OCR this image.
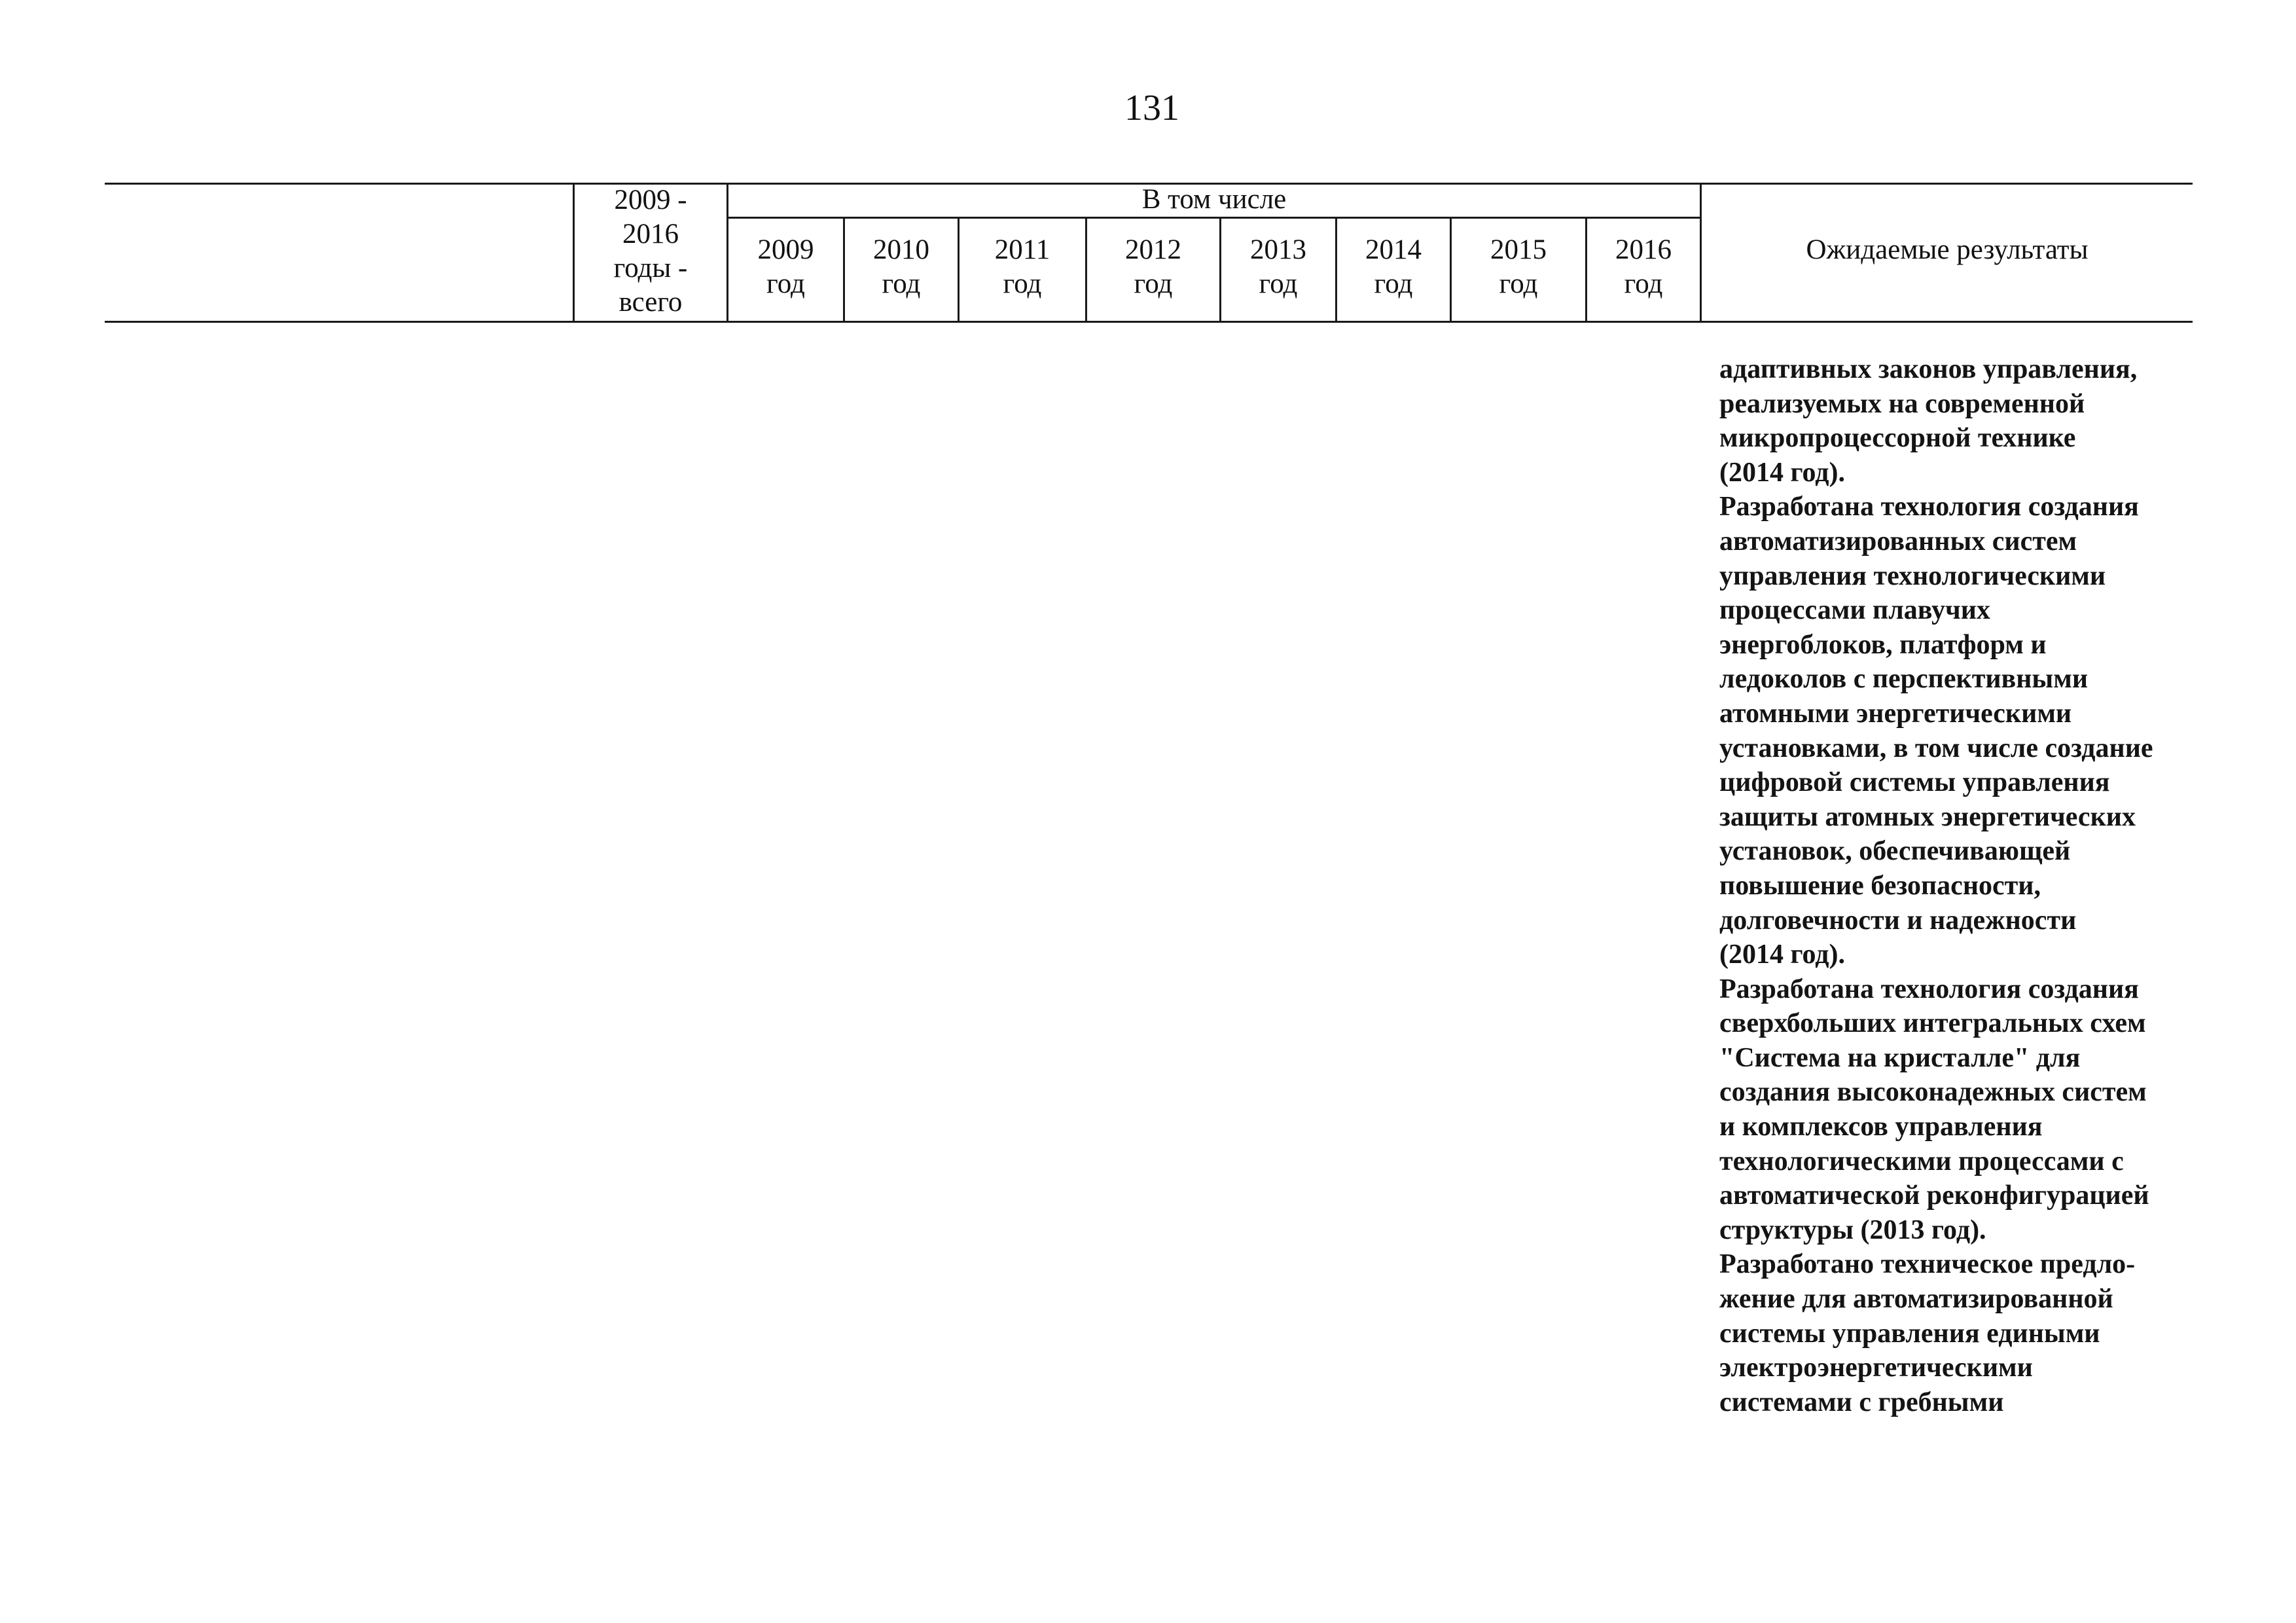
131
2009 -
2016
годы -
всего
В том числе
2009
год
2010
год
2011
год
2012
год
2013
год
2014
год
2015
год
2016
год
Ожидаемые результаты
адаптивных законов управления,
реализуемых на современной
микропроцессорной технике
(2014 год).
Разработана технология создания
автоматизированных систем
управления технологическими
процессами плавучих
энергоблоков, платформ и
ледоколов с перспективными
атомными энергетическими
установками, в том числе создание
цифровой системы управления
защиты атомных энергетических
установок, обеспечивающей
повышение безопасности,
долговечности и надежности
(2014 год).
Разработана технология создания
сверхбольших интегральных схем
"Система на кристалле" для
создания высоконадежных систем
и комплексов управления
технологическими процессами с
автоматической реконфигурацией
структуры (2013 год).
Разработано техническое предло-
жение для автоматизированной
системы управления едиными
электроэнергетическими
системами с гребными
